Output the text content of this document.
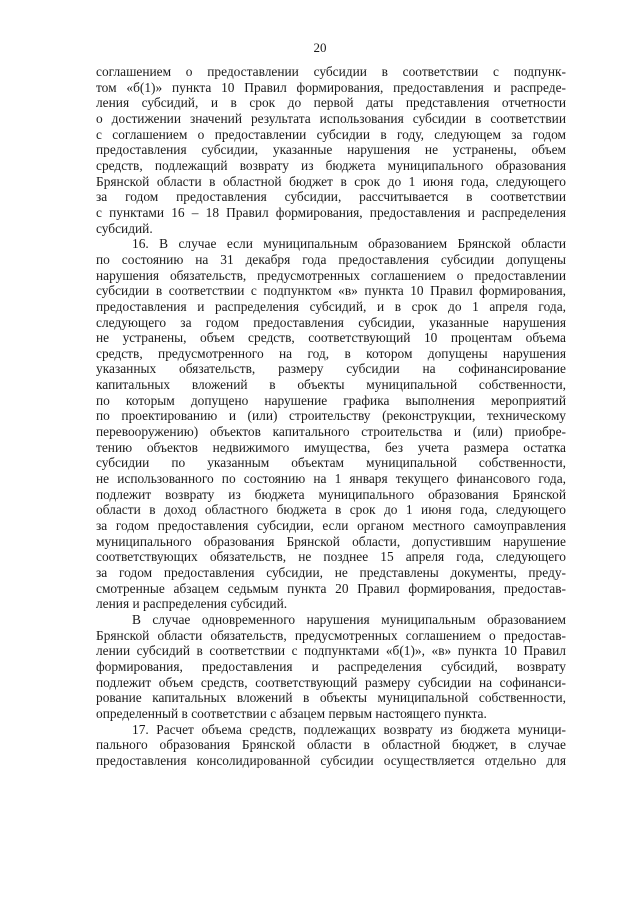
20
соглашением о предоставлении субсидии в соответствии с подпунк-
том «б(1)» пункта 10 Правил формирования, предоставления и распреде-
ления субсидий, и в срок до первой даты представления отчетности
о достижении значений результата использования субсидии в соответствии
с соглашением о предоставлении субсидии в году, следующем за годом
предоставления субсидии, указанные нарушения не устранены, объем
средств, подлежащий возврату из бюджета муниципального образования
Брянской области в областной бюджет в срок до 1 июня года, следующего
за годом предоставления субсидии, рассчитывается в соответствии
с пунктами 16 – 18 Правил формирования, предоставления и распределения
субсидий.
16. В случае если муниципальным образованием Брянской области
по состоянию на 31 декабря года предоставления субсидии допущены
нарушения обязательств, предусмотренных соглашением о предоставлении
субсидии в соответствии с подпунктом «в» пункта 10 Правил формирования,
предоставления и распределения субсидий, и в срок до 1 апреля года,
следующего за годом предоставления субсидии, указанные нарушения
не устранены, объем средств, соответствующий 10 процентам объема
средств, предусмотренного на год, в котором допущены нарушения
указанных обязательств, размеру субсидии на софинансирование
капитальных вложений в объекты муниципальной собственности,
по которым допущено нарушение графика выполнения мероприятий
по проектированию и (или) строительству (реконструкции, техническому
перевооружению) объектов капитального строительства и (или) приобре-
тению объектов недвижимого имущества, без учета размера остатка
субсидии по указанным объектам муниципальной собственности,
не использованного по состоянию на 1 января текущего финансового года,
подлежит возврату из бюджета муниципального образования Брянской
области в доход областного бюджета в срок до 1 июня года, следующего
за годом предоставления субсидии, если органом местного самоуправления
муниципального образования Брянской области, допустившим нарушение
соответствующих обязательств, не позднее 15 апреля года, следующего
за годом предоставления субсидии, не представлены документы, преду-
смотренные абзацем седьмым пункта 20 Правил формирования, предостав-
ления и распределения субсидий.
В случае одновременного нарушения муниципальным образованием
Брянской области обязательств, предусмотренных соглашением о предостав-
лении субсидий в соответствии с подпунктами «б(1)», «в» пункта 10 Правил
формирования, предоставления и распределения субсидий, возврату
подлежит объем средств, соответствующий размеру субсидии на софинанси-
рование капитальных вложений в объекты муниципальной собственности,
определенный в соответствии с абзацем первым настоящего пункта.
17. Расчет объема средств, подлежащих возврату из бюджета муници-
пального образования Брянской области в областной бюджет, в случае
предоставления консолидированной субсидии осуществляется отдельно для
